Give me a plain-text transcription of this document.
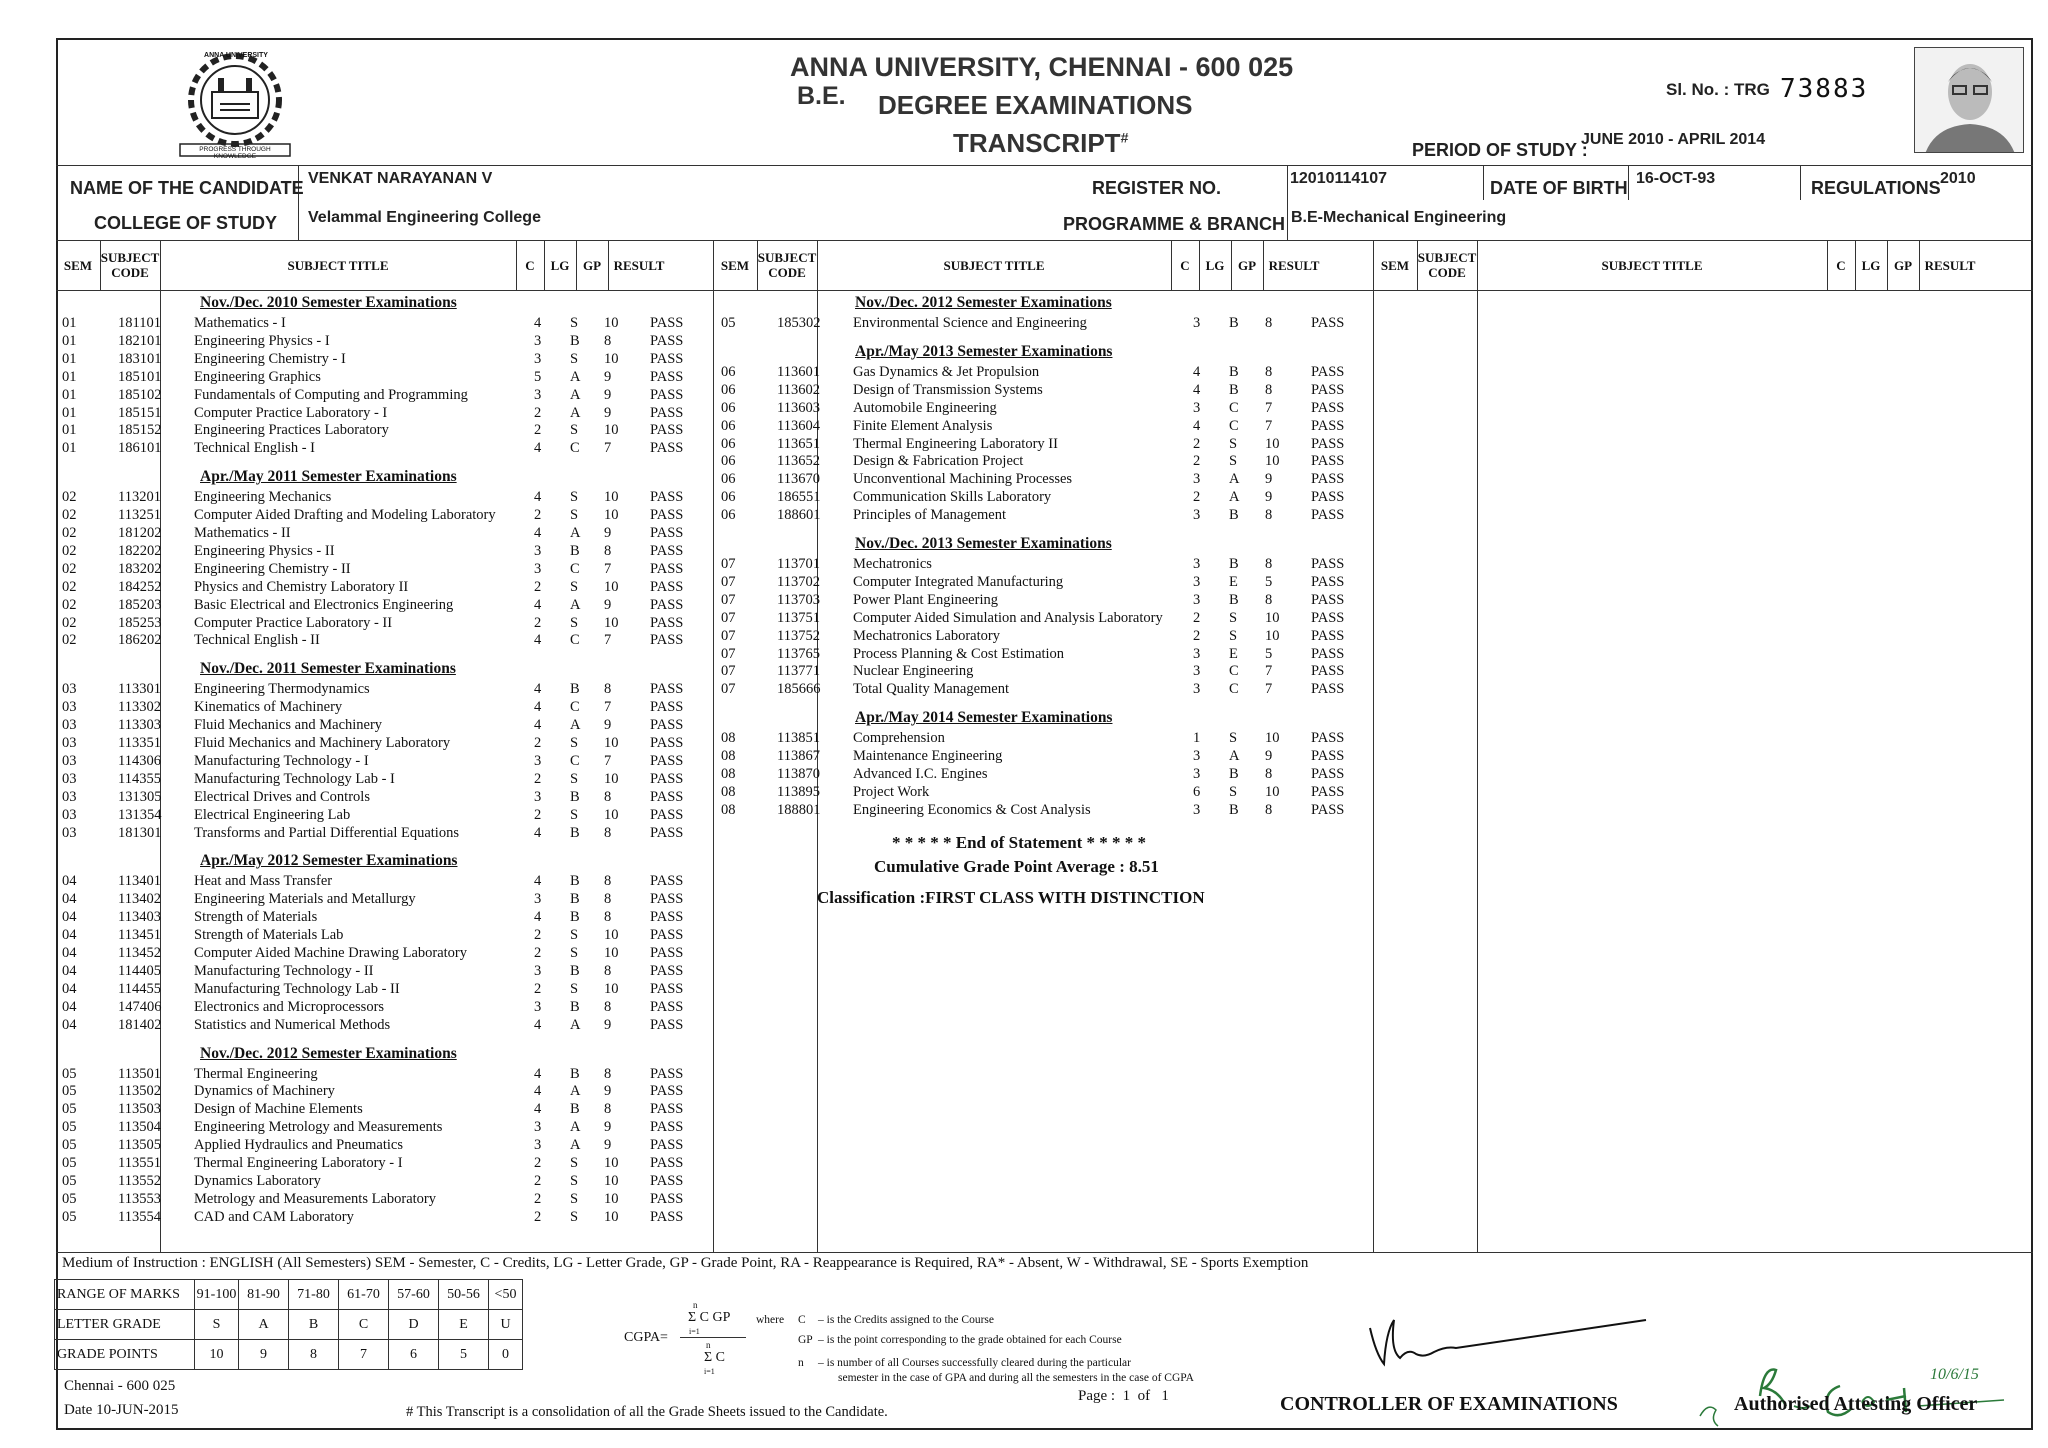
ANNA UNIVERSITY
PROGRESS THROUGH KNOWLEDGE
ANNA UNIVERSITY, CHENNAI - 600 025
B.E. DEGREE EXAMINATIONS
TRANSCRIPT#
Sl. No. : TRG 73883
PERIOD OF STUDY :
JUNE 2010 - APRIL 2014
NAME OF THE CANDIDATE VENKAT NARAYANAN V	REGISTER NO.	12010114107	DATE OF BIRTH 16-OCT-93	REGULATIONS 2010
COLLEGE OF STUDY Velammal Engineering College	PROGRAMME & BRANCH B.E-Mechanical Engineering
SEM SUBJECT
CODE	SUBJECT TITLE	C	LG	GP RESULT	SEM SUBJECT
CODE	SUBJECT TITLE	C	LG	GP RESULT	SEM SUBJECT
CODE	SUBJECT TITLE	C	LG	GP RESULT
Nov./Dec. 2010 Semester Examinations
01	181101 Mathematics - I	4 S 10 PASS
01	182101 Engineering Physics - I	3 B 8	PASS
01	183101 Engineering Chemistry - I	3 S 10 PASS
01	185101 Engineering Graphics	5 A 9	PASS
01	185102 Fundamentals of Computing and Programming	3 A 9	PASS
01	185151 Computer Practice Laboratory - I	2 A 9	PASS
01	185152 Engineering Practices Laboratory	2 S 10 PASS
01	186101 Technical English - I	4 C 7	PASS
Apr./May 2011 Semester Examinations
02	113201 Engineering Mechanics	4 S 10 PASS
02	113251 Computer Aided Drafting and Modeling Laboratory	2 S 10 PASS
02	181202 Mathematics - II	4 A 9	PASS
02	182202 Engineering Physics - II	3 B 8	PASS
02	183202 Engineering Chemistry - II	3 C 7	PASS
02	184252 Physics and Chemistry Laboratory II	2 S 10 PASS
02	185203 Basic Electrical and Electronics Engineering	4 A 9	PASS
02	185253 Computer Practice Laboratory - II	2 S 10 PASS
02	186202 Technical English - II	4 C 7	PASS
Nov./Dec. 2011 Semester Examinations
03	113301 Engineering Thermodynamics	4 B 8	PASS
03	113302 Kinematics of Machinery	4 C 7	PASS
03	113303 Fluid Mechanics and Machinery	4 A 9	PASS
03	113351 Fluid Mechanics and Machinery Laboratory	2 S 10 PASS
03	114306 Manufacturing Technology - I	3 C 7	PASS
03	114355 Manufacturing Technology Lab - I	2 S 10 PASS
03	131305 Electrical Drives and Controls	3 B 8	PASS
03	131354 Electrical Engineering Lab	2 S 10 PASS
03	181301 Transforms and Partial Differential Equations	4 B 8	PASS
Apr./May 2012 Semester Examinations
04	113401 Heat and Mass Transfer	4 B 8	PASS
04	113402 Engineering Materials and Metallurgy	3 B 8	PASS
04	113403 Strength of Materials	4 B 8	PASS
04	113451 Strength of Materials Lab	2 S 10 PASS
04	113452 Computer Aided Machine Drawing Laboratory	2 S 10 PASS
04	114405 Manufacturing Technology - II	3 B 8	PASS
04	114455 Manufacturing Technology Lab - II	2 S 10 PASS
04	147406 Electronics and Microprocessors	3 B 8	PASS
04	181402 Statistics and Numerical Methods	4 A 9	PASS
Nov./Dec. 2012 Semester Examinations
05	113501 Thermal Engineering	4 B 8	PASS
05	113502 Dynamics of Machinery	4 A 9	PASS
05	113503 Design of Machine Elements	4 B 8	PASS
05	113504 Engineering Metrology and Measurements	3 A 9	PASS
05	113505 Applied Hydraulics and Pneumatics	3 A 9	PASS
05	113551 Thermal Engineering Laboratory - I	2 S 10 PASS
05	113552 Dynamics Laboratory	2 S 10 PASS
05	113553 Metrology and Measurements Laboratory	2 S 10 PASS
05	113554 CAD and CAM Laboratory	2 S 10 PASS
Nov./Dec. 2012 Semester Examinations
05	185302 Environmental Science and Engineering	3 B 8	PASS
Apr./May 2013 Semester Examinations
06	113601 Gas Dynamics & Jet Propulsion	4 B 8	PASS
06	113602 Design of Transmission Systems	4 B 8	PASS
06	113603 Automobile Engineering	3 C 7	PASS
06	113604 Finite Element Analysis	4 C 7	PASS
06	113651 Thermal Engineering Laboratory II	2 S 10 PASS
06	113652 Design & Fabrication Project	2 S 10 PASS
06	113670 Unconventional Machining Processes	3 A 9	PASS
06	186551 Communication Skills Laboratory	2 A 9	PASS
06	188601 Principles of Management	3 B 8	PASS
Nov./Dec. 2013 Semester Examinations
07	113701 Mechatronics	3 B 8	PASS
07	113702 Computer Integrated Manufacturing	3 E 5	PASS
07	113703 Power Plant Engineering	3 B 8	PASS
07	113751 Computer Aided Simulation and Analysis Laboratory 2 S 10 PASS
07	113752 Mechatronics Laboratory	2 S 10 PASS
07	113765 Process Planning & Cost Estimation	3 E 5	PASS
07	113771 Nuclear Engineering	3 C 7	PASS
07	185666 Total Quality Management	3 C 7	PASS
Apr./May 2014 Semester Examinations
08	113851 Comprehension	1 S 10 PASS
08	113867 Maintenance Engineering	3 A 9	PASS
08	113870 Advanced I.C. Engines	3 B 8	PASS
08	113895 Project Work	6 S 10 PASS
08	188801 Engineering Economics & Cost Analysis	3 B 8	PASS
* * * * * End of Statement * * * * *
Cumulative Grade Point Average : 8.51
Classification :FIRST CLASS WITH DISTINCTION
Medium of Instruction : ENGLISH (All Semesters) SEM - Semester, C - Credits, LG - Letter Grade, GP - Grade Point, RA - Reappearance is Required, RA* - Absent, W - Withdrawal, SE - Sports Exemption
RANGE OF MARKS	91-100	81-90	71-80	61-70	57-60	50-56	<50
LETTER GRADE	S	A	B	C	D	E	U
GRADE POINTS	10	9	8	7	6	5	0
CGPA=
n
Σ C GP
i=1
n
Σ C
i=1
where C – is the Credits assigned to the Course
GP – is the point corresponding to the grade obtained for each Course
n – is number of all Courses successfully cleared during the particular
semester in the case of GPA and during all the semesters in the case of CGPA
Chennai - 600 025
Date 10-JUN-2015	# This Transcript is a consolidation of all the Grade Sheets issued to the Candidate.
Page :  1  of   1	CONTROLLER OF EXAMINATIONS
10/6/15
Authorised Attesting Officer
